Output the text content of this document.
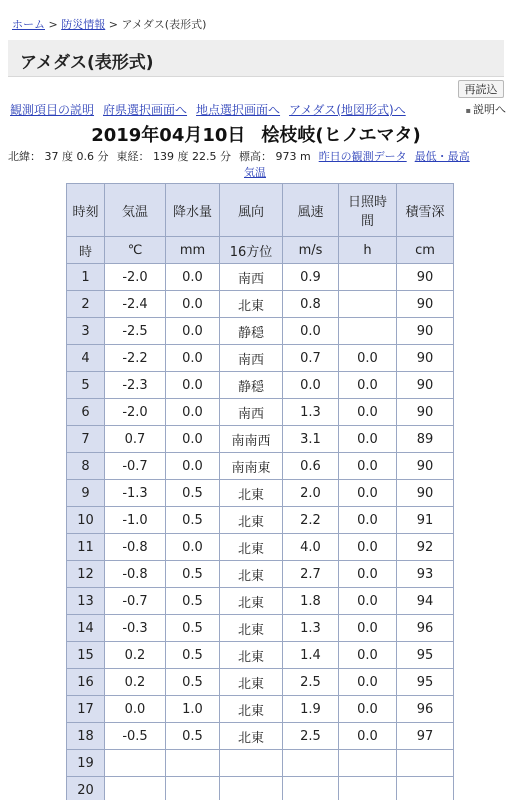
ホーム > 防災情報 > アメダス(表形式)
アメダス(表形式)
再読込
▪ 説明へ
観測項目の説明 府県選択画面へ 地点選択画面へ アメダス(地図形式)へ
2019年04月10日 桧枝岐(ヒノエマタ)
北緯： 37 度 0.6 分 東経： 139 度 22.5 分 標高： 973 m 昨日の観測データ 最低・最高
気温
時刻	気温	降水量	風向	風速	日照時間	積雪深
時	℃	mm	16方位	m/s	h	cm
1	-2.0	0.0	南西	0.9		90
2	-2.4	0.0	北東	0.8		90
3	-2.5	0.0	静穏	0.0		90
4	-2.2	0.0	南西	0.7	0.0	90
5	-2.3	0.0	静穏	0.0	0.0	90
6	-2.0	0.0	南西	1.3	0.0	90
7	0.7	0.0	南南西	3.1	0.0	89
8	-0.7	0.0	南南東	0.6	0.0	90
9	-1.3	0.5	北東	2.0	0.0	90
10	-1.0	0.5	北東	2.2	0.0	91
11	-0.8	0.0	北東	4.0	0.0	92
12	-0.8	0.5	北東	2.7	0.0	93
13	-0.7	0.5	北東	1.8	0.0	94
14	-0.3	0.5	北東	1.3	0.0	96
15	0.2	0.5	北東	1.4	0.0	95
16	0.2	0.5	北東	2.5	0.0	95
17	0.0	1.0	北東	1.9	0.0	96
18	-0.5	0.5	北東	2.5	0.0	97
19						
20						
